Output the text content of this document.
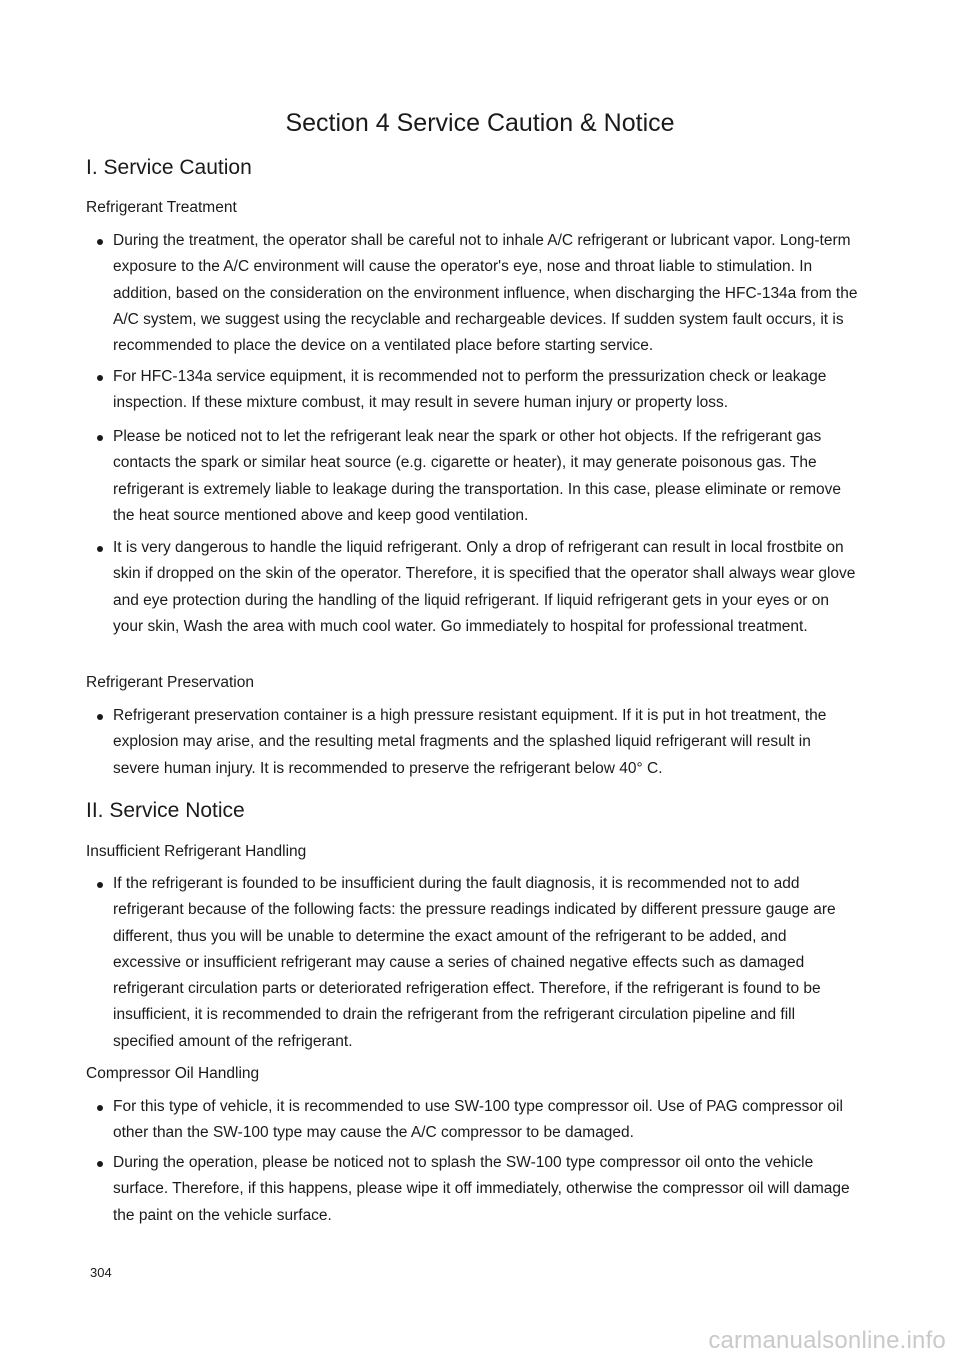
Section 4 Service Caution & Notice
I. Service Caution
Refrigerant Treatment
During the treatment, the operator shall be careful not to inhale A/C refrigerant or lubricant vapor. Long-term exposure to the A/C environment will cause the operator's eye, nose and throat liable to stimulation. In addition, based on the consideration on the environment influence, when discharging the HFC-134a from the A/C system, we suggest using the recyclable and rechargeable devices. If sudden system fault occurs, it is recommended to place the device on a ventilated place before starting service.
For HFC-134a service equipment, it is recommended not to perform the pressurization check or leakage inspection. If these mixture combust, it may result in severe human injury or property loss.
Please be noticed not to let the refrigerant leak near the spark or other hot objects. If the refrigerant gas contacts the spark or similar heat source (e.g. cigarette or heater), it may generate poisonous gas. The refrigerant is extremely liable to leakage during the transportation. In this case, please eliminate or remove the heat source mentioned above and keep good ventilation.
It is very dangerous to handle the liquid refrigerant. Only a drop of refrigerant can result in local frostbite on skin if dropped on the skin of the operator. Therefore, it is specified that the operator shall always wear glove and eye protection during the handling of the liquid refrigerant. If liquid refrigerant gets in your eyes or on your skin, Wash the area with much cool water. Go immediately to hospital for professional treatment.
Refrigerant Preservation
Refrigerant preservation container is a high pressure resistant equipment. If it is put in hot treatment, the explosion may arise, and the resulting metal fragments and the splashed liquid refrigerant will result in severe human injury. It is recommended to preserve the refrigerant below 40° C.
II. Service Notice
Insufficient Refrigerant Handling
If the refrigerant is founded to be insufficient during the fault diagnosis, it is recommended not to add refrigerant because of the following facts: the pressure readings indicated by different pressure gauge are different, thus you will be unable to determine the exact amount of the refrigerant to be added, and excessive or insufficient refrigerant may cause a series of chained negative effects such as damaged refrigerant circulation parts or deteriorated refrigeration effect. Therefore, if the refrigerant is found to be insufficient, it is recommended to drain the refrigerant from the refrigerant circulation pipeline and fill specified amount of the refrigerant.
Compressor Oil Handling
For this type of vehicle, it is recommended to use SW-100 type compressor oil. Use of PAG compressor oil other than the SW-100 type may cause the A/C compressor to be damaged.
During the operation, please be noticed not to splash the SW-100 type compressor oil onto the vehicle surface. Therefore, if this happens, please wipe it off immediately, otherwise the compressor oil will damage the paint on the vehicle surface.
304
carmanualsonline.info
